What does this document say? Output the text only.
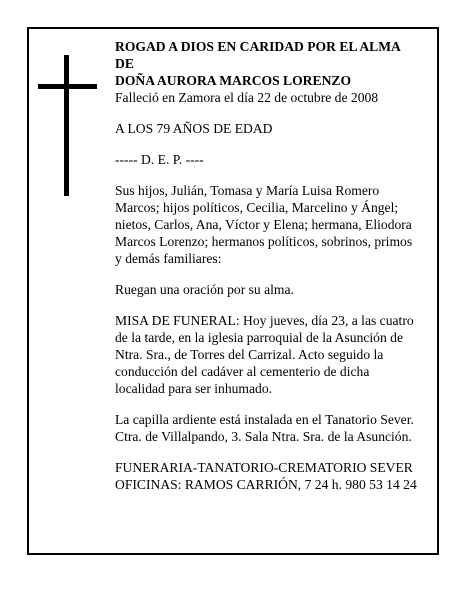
ROGAD A DIOS EN CARIDAD POR EL ALMA
DE
DOÑA AURORA MARCOS LORENZO
Falleció en Zamora el día 22 de octubre de 2008

A LOS 79 AÑOS DE EDAD

----- D. E. P. ----

Sus hijos, Julián, Tomasa y María Luisa Romero
Marcos; hijos políticos, Cecilia, Marcelino y Ángel;
nietos, Carlos, Ana, Víctor y Elena; hermana, Eliodora
Marcos Lorenzo; hermanos políticos, sobrinos, primos
y demás familiares:

Ruegan una oración por su alma.

MISA DE FUNERAL: Hoy jueves, día 23, a las cuatro
de la tarde, en la iglesia parroquial de la Asunción de
Ntra. Sra., de Torres del Carrizal. Acto seguido la
conducción del cadáver al cementerio de dicha
localidad para ser inhumado.

La capilla ardiente está instalada en el Tanatorio Sever.
Ctra. de Villalpando, 3. Sala Ntra. Sra. de la Asunción.

FUNERARIA-TANATORIO-CREMATORIO SEVER
OFICINAS: RAMOS CARRIÓN, 7 24 h. 980 53 14 24
